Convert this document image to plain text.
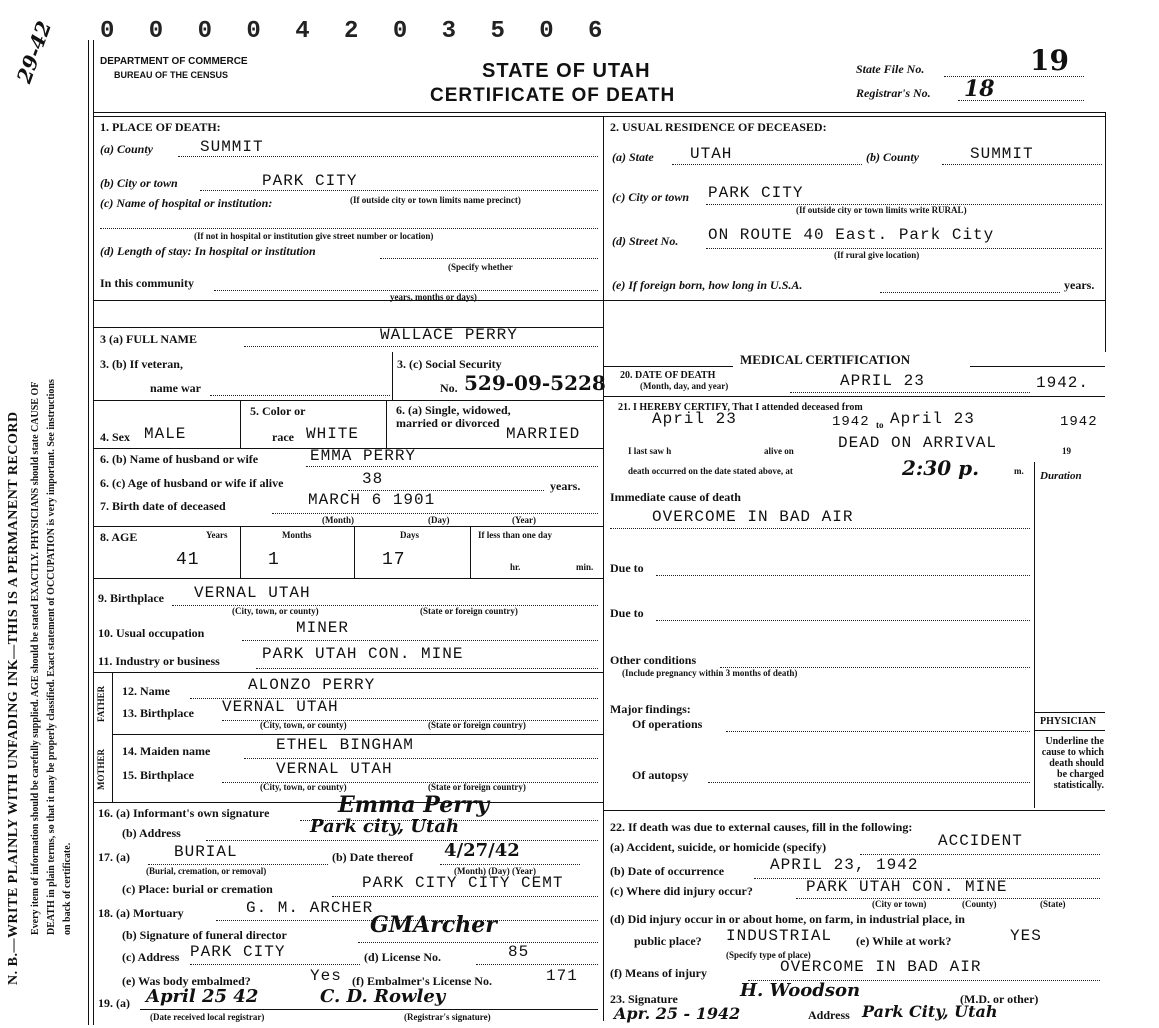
N. B.—WRITE PLAINLY WITH UNFADING INK—THIS IS A PERMANENT RECORD Every item of information should be carefully supplied. AGE should be stated EXACTLY. PHYSICIANS should state CAUSE OF DEATH in plain terms, so that it may be properly classified. Exact statement of OCCUPATION is very important. See instructions on back of certificate.
29-42 0 0 0 0 4 2 0 3 5 0 6
DEPARTMENT OF COMMERCE
BUREAU OF THE CENSUS	STATE OF UTAH
CERTIFICATE OF DEATH
State File No.	19
Registrar's No. 18
1. PLACE OF DEATH:
(a) County	SUMMIT
(b) City or town	PARK CITY
(c) Name of hospital or institution:	(If outside city or town limits name precinct)
(If not in hospital or institution give street number or location)
(d) Length of stay: In hospital or institution
(Specify whether
In this community
years, months or days)
2. USUAL RESIDENCE OF DECEASED:
(a) State UTAH	(b) County	SUMMIT
(c) City or town PARK CITY
(If outside city or town limits write RURAL)
(d) Street No. ON ROUTE 40 East. Park City
(If rural give location)
(e) If foreign born, how long in U.S.A.	years.
3 (a) FULL NAME	WALLACE PERRY
3. (b) If veteran,
name war
3. (c) Social Security
No. 529-09-5228
4. Sex MALE
5. Color or
race WHITE
6. (a) Single, widowed, married or divorced
MARRIED
6. (b) Name of husband or wife	EMMA PERRY
6. (c) Age of husband or wife if alive	38	years.
7. Birth date of deceased	MARCH 6 1901
(Month)	(Day)	(Year)
8. AGE	Years
41
Months
1
Days
17
If less than one day
hr.	min.
9. Birthplace VERNAL UTAH
(City, town, or county)	(State or foreign country)
10. Usual occupation	MINER
11. Industry or business	PARK UTAH CON. MINE
FATHER
MOTHER
12. Name	ALONZO PERRY
13. Birthplace VERNAL UTAH
(City, town, or county)	(State or foreign country)
14. Maiden name	ETHEL BINGHAM
15. Birthplace	VERNAL UTAH
(City, town, or county)	(State or foreign country)
16. (a) Informant's own signature	Emma Perry
(b) Address	Park city, Utah
17. (a)	BURIAL
(Burial, cremation, or removal)
(b) Date thereof 4/27/42
(Month) (Day) (Year)
(c) Place: burial or cremation	PARK CITY CITY CEMT
18. (a) Mortuary	G. M. ARCHER
(b) Signature of funeral director	GMArcher
(c) Address PARK CITY	(d) License No.	85
(e) Was body embalmed?	Yes (f) Embalmer's License No.	171
19. (a) April 25 42	C. D. Rowley
(Date received local registrar)	(Registrar's signature)
MEDICAL CERTIFICATION
20. DATE OF DEATH
(Month, day, and year)	APRIL 23	1942.
21. I HEREBY CERTIFY, That I attended deceased from
April 23	1942 to April 23	1942
I last saw h	alive on	DEAD ON ARRIVAL	19
death occurred on the date stated above, at	2:30 p.	m. Duration
Immediate cause of death
OVERCOME IN BAD AIR
Due to
Due to
Other conditions
(Include pregnancy within 3 months of death)
Major findings:
Of operations
Of autopsy
PHYSICIAN
Underline the cause to which death should be charged statistically.
22. If death was due to external causes, fill in the following:
(a) Accident, suicide, or homicide (specify)	ACCIDENT
(b) Date of occurrence	APRIL 23, 1942
(c) Where did injury occur?	PARK UTAH CON. MINE
(City or town)	(County)	(State)
(d) Did injury occur in or about home, on farm, in industrial place, in
public place? INDUSTRIAL (e) While at work?	YES
(Specify type of place)
(f) Means of injury	OVERCOME IN BAD AIR
23. Signature	H. Woodson	(M.D. or other)
Apr. 25 - 1942	Address Park City, Utah
